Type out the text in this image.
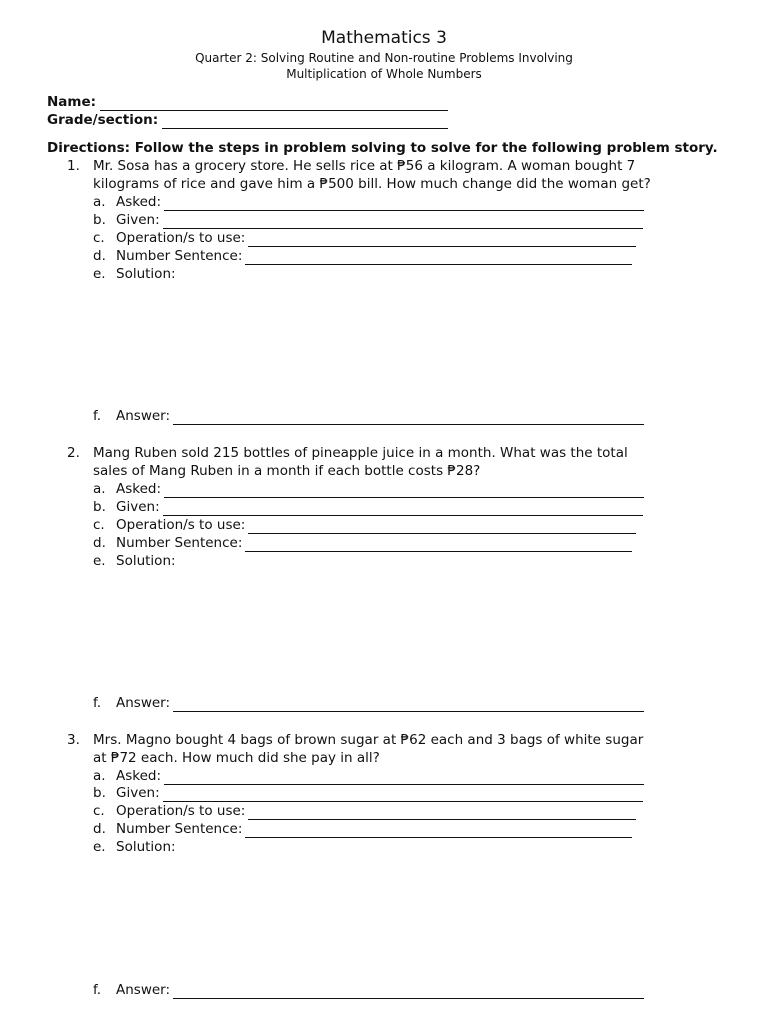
Mathematics 3
Quarter 2: Solving Routine and Non-routine Problems Involving
Multiplication of Whole Numbers
Name:
Grade/section:
Directions: Follow the steps in problem solving to solve for the following problem story.
1. Mr. Sosa has a grocery store. He sells rice at ₱56 a kilogram. A woman bought 7
kilograms of rice and gave him a ₱500 bill. How much change did the woman get?
a. Asked:
b. Given:
c. Operation/s to use:
d. Number Sentence:
e. Solution:
f.	Answer:
2. Mang Ruben sold 215 bottles of pineapple juice in a month. What was the total
sales of Mang Ruben in a month if each bottle costs ₱28?
a. Asked:
b. Given:
c. Operation/s to use:
d. Number Sentence:
e. Solution:
f.	Answer:
3. Mrs. Magno bought 4 bags of brown sugar at ₱62 each and 3 bags of white sugar
at ₱72 each. How much did she pay in all?
a. Asked:
b. Given:
c. Operation/s to use:
d. Number Sentence:
e. Solution:
f.	Answer:
